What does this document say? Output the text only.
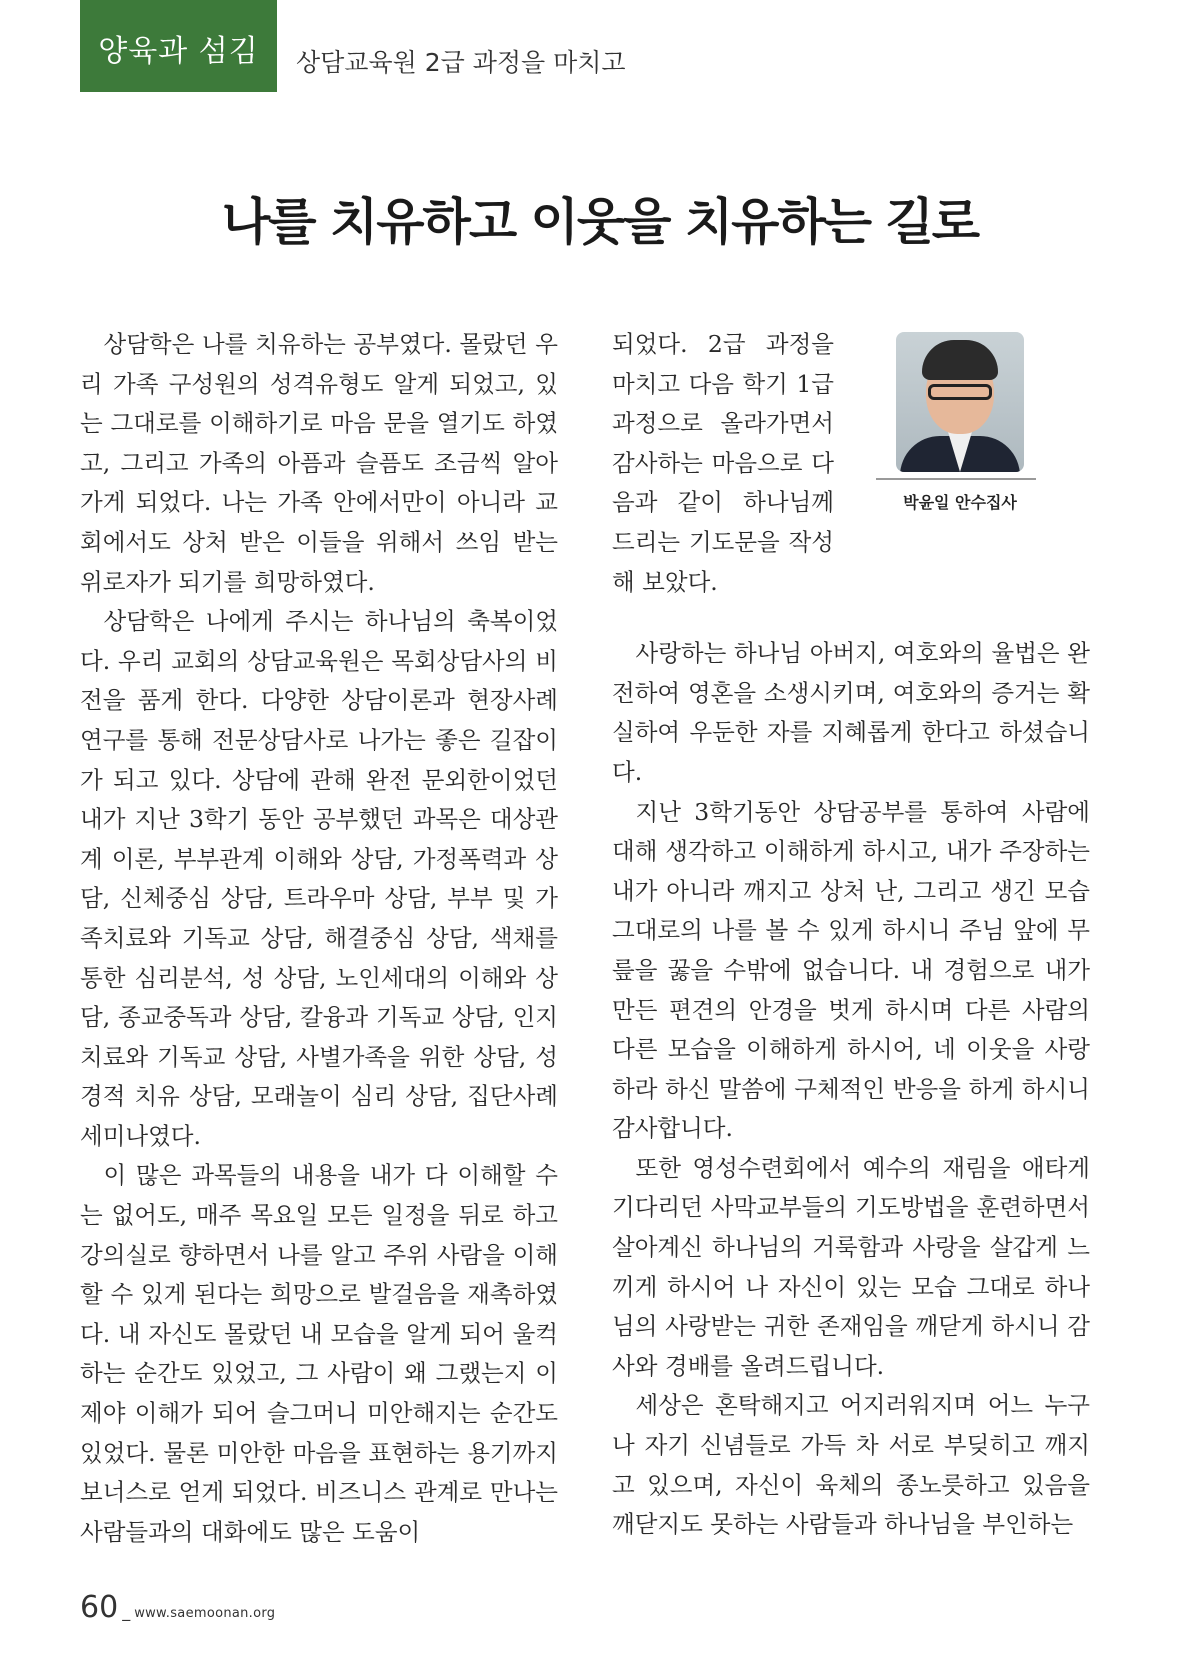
양육과 섬김 상담교육원 2급 과정을 마치고
나를 치유하고 이웃을 치유하는 길로

상담학은 나를 치유하는 공부였다. 몰랐던 우리 가족 구성원의 성격유형도 알게 되었고, 있는 그대로를 이해하기로 마음 문을 열기도 하였고, 그리고 가족의 아픔과 슬픔도 조금씩 알아가게 되었다. 나는 가족 안에서만이 아니라 교회에서도 상처 받은 이들을 위해서 쓰임 받는 위로자가 되기를 희망하였다.

상담학은 나에게 주시는 하나님의 축복이었다. 우리 교회의 상담교육원은 목회상담사의 비전을 품게 한다. 다양한 상담이론과 현장사례 연구를 통해 전문상담사로 나가는 좋은 길잡이가 되고 있다. 상담에 관해 완전 문외한이었던 내가 지난 3학기 동안 공부했던 과목은 대상관계 이론, 부부관계 이해와 상담, 가정폭력과 상담, 신체중심 상담, 트라우마 상담, 부부 및 가족치료와 기독교 상담, 해결중심 상담, 색채를 통한 심리분석, 성 상담, 노인세대의 이해와 상담, 종교중독과 상담, 칼융과 기독교 상담, 인지치료와 기독교 상담, 사별가족을 위한 상담, 성경적 치유 상담, 모래놀이 심리 상담, 집단사례 세미나였다.

이 많은 과목들의 내용을 내가 다 이해할 수는 없어도, 매주 목요일 모든 일정을 뒤로 하고 강의실로 향하면서 나를 알고 주위 사람을 이해할 수 있게 된다는 희망으로 발걸음을 재촉하였다. 내 자신도 몰랐던 내 모습을 알게 되어 울컥하는 순간도 있었고, 그 사람이 왜 그랬는지 이제야 이해가 되어 슬그머니 미안해지는 순간도 있었다. 물론 미안한 마음을 표현하는 용기까지 보너스로 얻게 되었다. 비즈니스 관계로 만나는 사람들과의 대화에도 많은 도움이

되었다. 2급 과정을 마치고 다음 학기 1급 과정으로 올라가면서 감사하는 마음으로 다음과 같이 하나님께 드리는 기도문을 작성해 보았다.

사랑하는 하나님 아버지, 여호와의 율법은 완전하여 영혼을 소생시키며, 여호와의 증거는 확실하여 우둔한 자를 지혜롭게 한다고 하셨습니다.

지난 3학기동안 상담공부를 통하여 사람에 대해 생각하고 이해하게 하시고, 내가 주장하는 내가 아니라 깨지고 상처 난, 그리고 생긴 모습 그대로의 나를 볼 수 있게 하시니 주님 앞에 무릎을 꿇을 수밖에 없습니다. 내 경험으로 내가 만든 편견의 안경을 벗게 하시며 다른 사람의 다른 모습을 이해하게 하시어, 네 이웃을 사랑하라 하신 말씀에 구체적인 반응을 하게 하시니 감사합니다.

또한 영성수련회에서 예수의 재림을 애타게 기다리던 사막교부들의 기도방법을 훈련하면서 살아계신 하나님의 거룩함과 사랑을 살갑게 느끼게 하시어 나 자신이 있는 모습 그대로 하나님의 사랑받는 귀한 존재임을 깨닫게 하시니 감사와 경배를 올려드립니다.

세상은 혼탁해지고 어지러워지며 어느 누구나 자기 신념들로 가득 차 서로 부딪히고 깨지고 있으며, 자신이 육체의 종노릇하고 있음을 깨닫지도 못하는 사람들과 하나님을 부인하는

박윤일 안수집사
60 _ www.saemoonan.org
